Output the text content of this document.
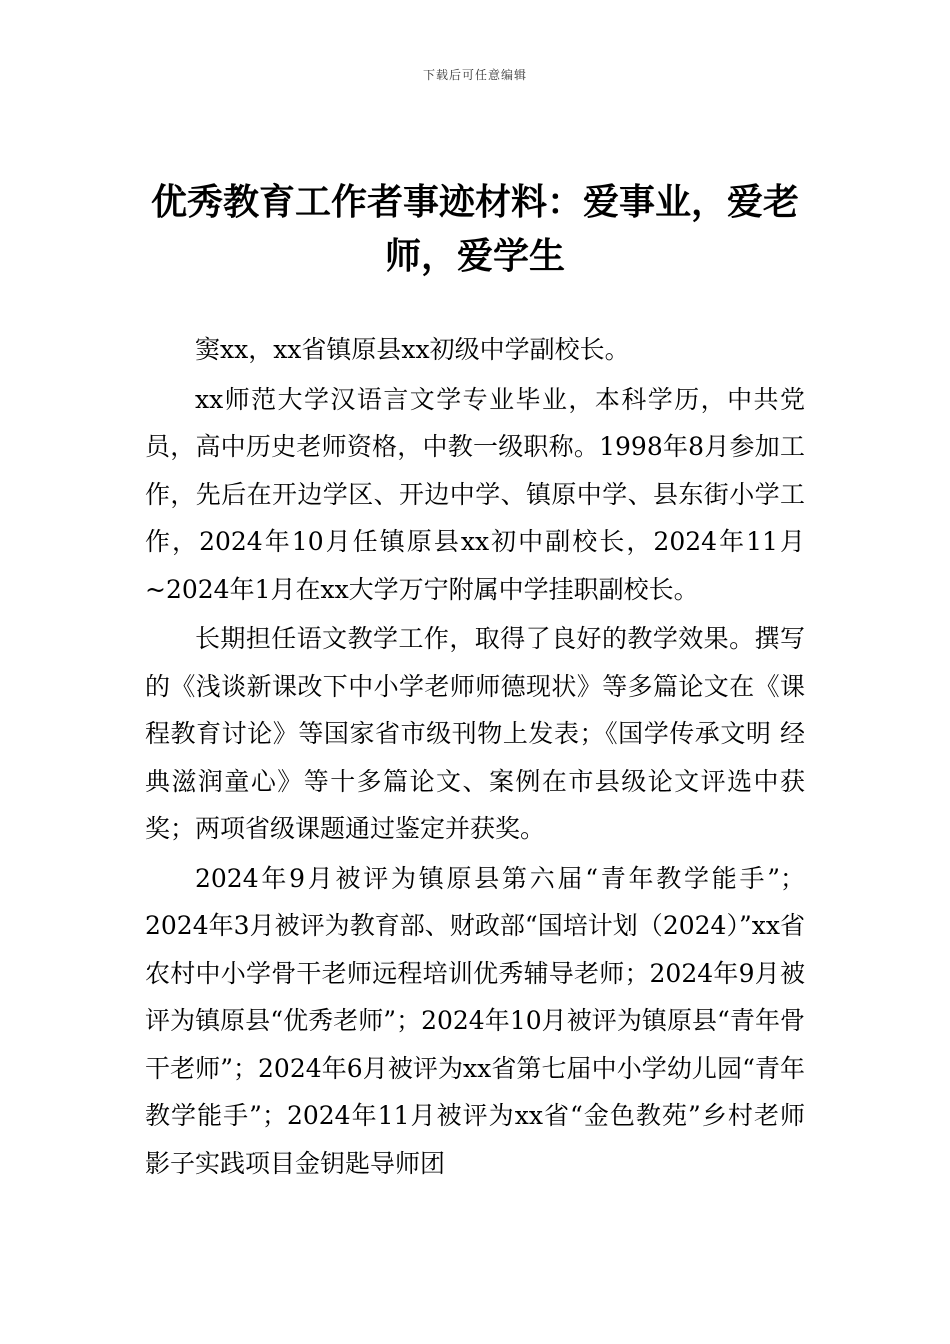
下载后可任意编辑
优秀教育工作者事迹材料：爱事业，爱老
师，爱学生

窦xx，xx省镇原县xx初级中学副校长。

xx师范大学汉语言文学专业毕业，本科学历，中共党员，高中历史老师资格，中教一级职称。1998年8月参加工作，先后在开边学区、开边中学、镇原中学、县东街小学工作，2024年10月任镇原县xx初中副校长，2024年11月~2024年1月在xx大学万宁附属中学挂职副校长。

长期担任语文教学工作，取得了良好的教学效果。撰写的《浅谈新课改下中小学老师师德现状》等多篇论文在《课程教育讨论》等国家省市级刊物上发表；《国学传承文明 经典滋润童心》等十多篇论文、案例在市县级论文评选中获奖；两项省级课题通过鉴定并获奖。

2024年9月被评为镇原县第六届“青年教学能手”；2024年3月被评为教育部、财政部“国培计划（2024）”xx省农村中小学骨干老师远程培训优秀辅导老师；2024年9月被评为镇原县“优秀老师”；2024年10月被评为镇原县“青年骨干老师”；2024年6月被评为xx省第七届中小学幼儿园“青年教学能手”；2024年11月被评为xx省“金色教苑”乡村老师影子实践项目金钥匙导师团
